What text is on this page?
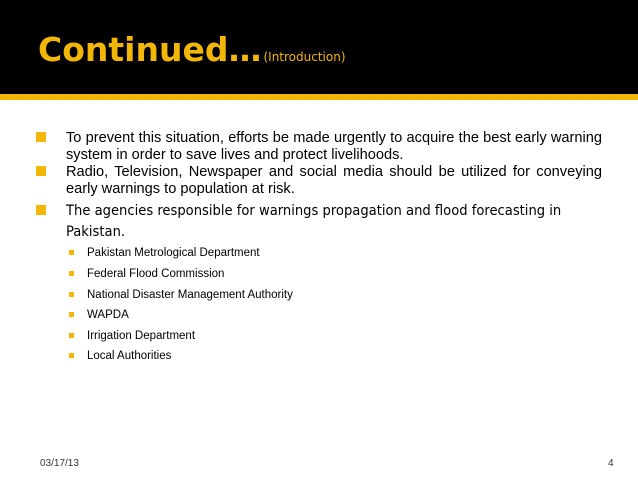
Continued… (Introduction)
To prevent this situation, efforts be made urgently to acquire the best early warning system in order to save lives and protect livelihoods.
Radio, Television, Newspaper and social media should be utilized for conveying early warnings to population at risk.
The agencies responsible for warnings propagation and flood forecasting in Pakistan.
Pakistan Metrological Department
Federal Flood Commission
National Disaster Management Authority
WAPDA
Irrigation Department
Local Authorities
03/17/13	4
